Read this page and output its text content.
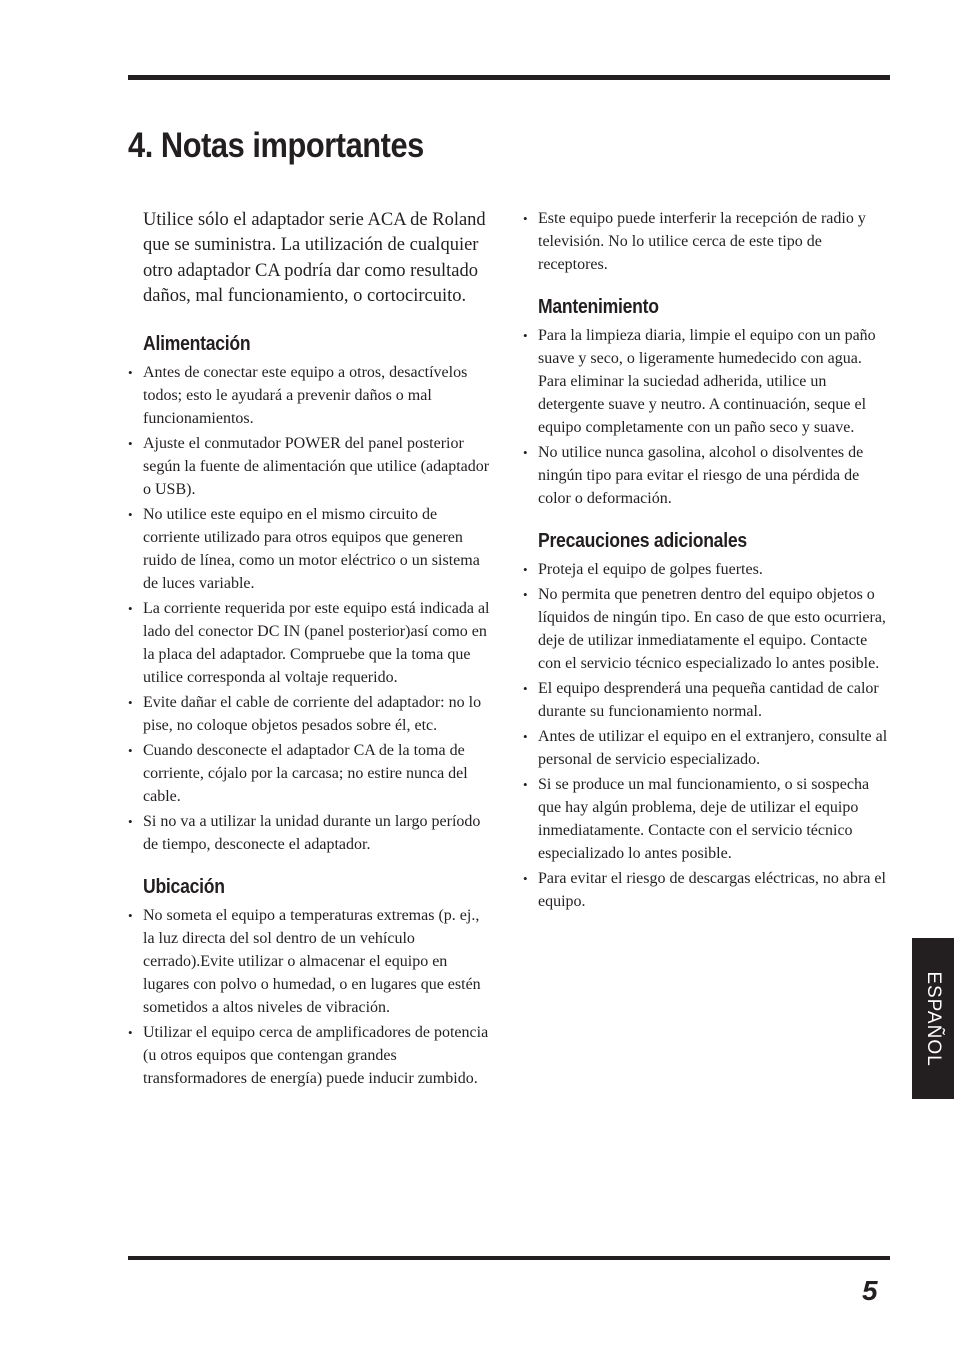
4. Notas importantes

Utilice sólo el adaptador serie ACA de Roland que se suministra. La utilización de cualquier otro adaptador CA podría dar como resultado daños, mal funcionamiento, o cortocircuito.

Alimentación
• Antes de conectar este equipo a otros, desactívelos todos; esto le ayudará a prevenir daños o mal funcionamientos.
• Ajuste el conmutador POWER del panel posterior según la fuente de alimentación que utilice (adaptador o USB).
• No utilice este equipo en el mismo circuito de corriente utilizado para otros equipos que generen ruido de línea, como un motor eléctrico o un sistema de luces variable.
• La corriente requerida por este equipo está indicada al lado del conector DC IN (panel posterior)así como en la placa del adaptador. Compruebe que la toma que utilice corresponda al voltaje requerido.
• Evite dañar el cable de corriente del adaptador: no lo pise, no coloque objetos pesados sobre él, etc.
• Cuando desconecte el adaptador CA de la toma de corriente, cójalo por la carcasa; no estire nunca del cable.
• Si no va a utilizar la unidad durante un largo período de tiempo, desconecte el adaptador.
Ubicación
• No someta el equipo a temperaturas extremas (p. ej., la luz directa del sol dentro de un vehículo cerrado).Evite utilizar o almacenar el equipo en lugares con polvo o humedad, o en lugares que estén sometidos a altos niveles de vibración.
• Utilizar el equipo cerca de amplificadores de potencia (u otros equipos que contengan grandes transformadores de energía) puede inducir zumbido.
• Este equipo puede interferir la recepción de radio y televisión. No lo utilice cerca de este tipo de receptores.
Mantenimiento
• Para la limpieza diaria, limpie el equipo con un paño suave y seco, o ligeramente humedecido con agua. Para eliminar la suciedad adherida, utilice un detergente suave y neutro. A continuación, seque el equipo completamente con un paño seco y suave.
• No utilice nunca gasolina, alcohol o disolventes de ningún tipo para evitar el riesgo de una pérdida de color o deformación.
Precauciones adicionales
• Proteja el equipo de golpes fuertes.
• No permita que penetren dentro del equipo objetos o líquidos de ningún tipo. En caso de que esto ocurriera, deje de utilizar inmediatamente el equipo. Contacte con el servicio técnico especializado lo antes posible.
• El equipo desprenderá una pequeña cantidad de calor durante su funcionamiento normal.
• Antes de utilizar el equipo en el extranjero, consulte al personal de servicio especializado.
• Si se produce un mal funcionamiento, o si sospecha que hay algún problema, deje de utilizar el equipo inmediatamente. Contacte con el servicio técnico especializado lo antes posible.
• Para evitar el riesgo de descargas eléctricas, no abra el equipo.
ESPAÑOL
5
